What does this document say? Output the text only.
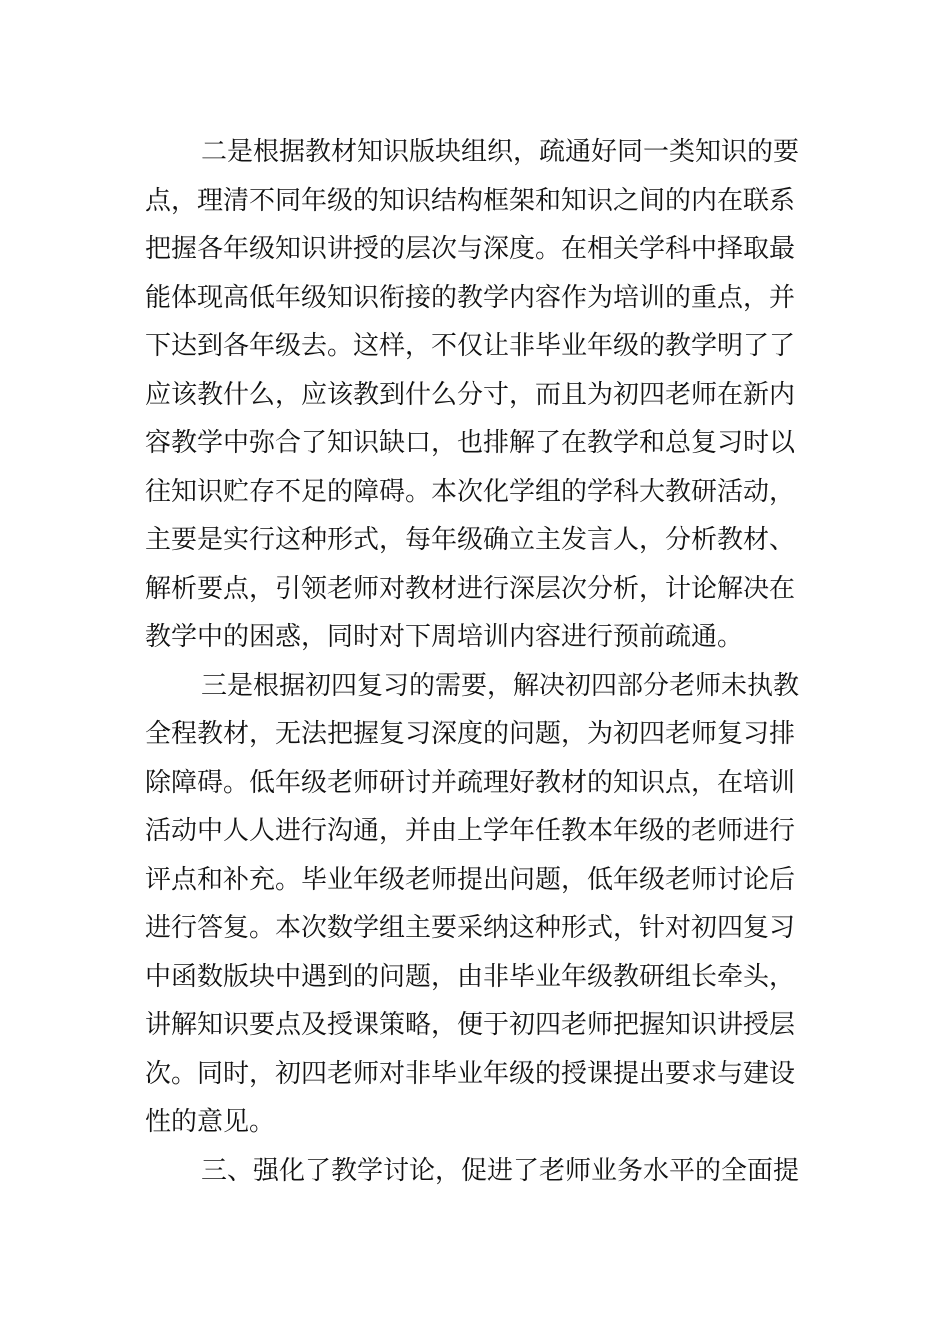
二是根据教材知识版块组织，疏通好同一类知识的要
点，理清不同年级的知识结构框架和知识之间的内在联系
把握各年级知识讲授的层次与深度。在相关学科中择取最
能体现高低年级知识衔接的教学内容作为培训的重点，并
下达到各年级去。这样，不仅让非毕业年级的教学明了了
应该教什么，应该教到什么分寸，而且为初四老师在新内
容教学中弥合了知识缺口，也排解了在教学和总复习时以
往知识贮存不足的障碍。本次化学组的学科大教研活动，
主要是实行这种形式，每年级确立主发言人，分析教材、
解析要点，引领老师对教材进行深层次分析，计论解决在
教学中的困惑，同时对下周培训内容进行预前疏通。
三是根据初四复习的需要，解决初四部分老师未执教
全程教材，无法把握复习深度的问题，为初四老师复习排
除障碍。低年级老师研讨并疏理好教材的知识点，在培训
活动中人人进行沟通，并由上学年任教本年级的老师进行
评点和补充。毕业年级老师提出问题，低年级老师讨论后
进行答复。本次数学组主要采纳这种形式，针对初四复习
中函数版块中遇到的问题，由非毕业年级教研组长牵头，
讲解知识要点及授课策略，便于初四老师把握知识讲授层
次。同时，初四老师对非毕业年级的授课提出要求与建设
性的意见。
三、强化了教学讨论，促进了老师业务水平的全面提
